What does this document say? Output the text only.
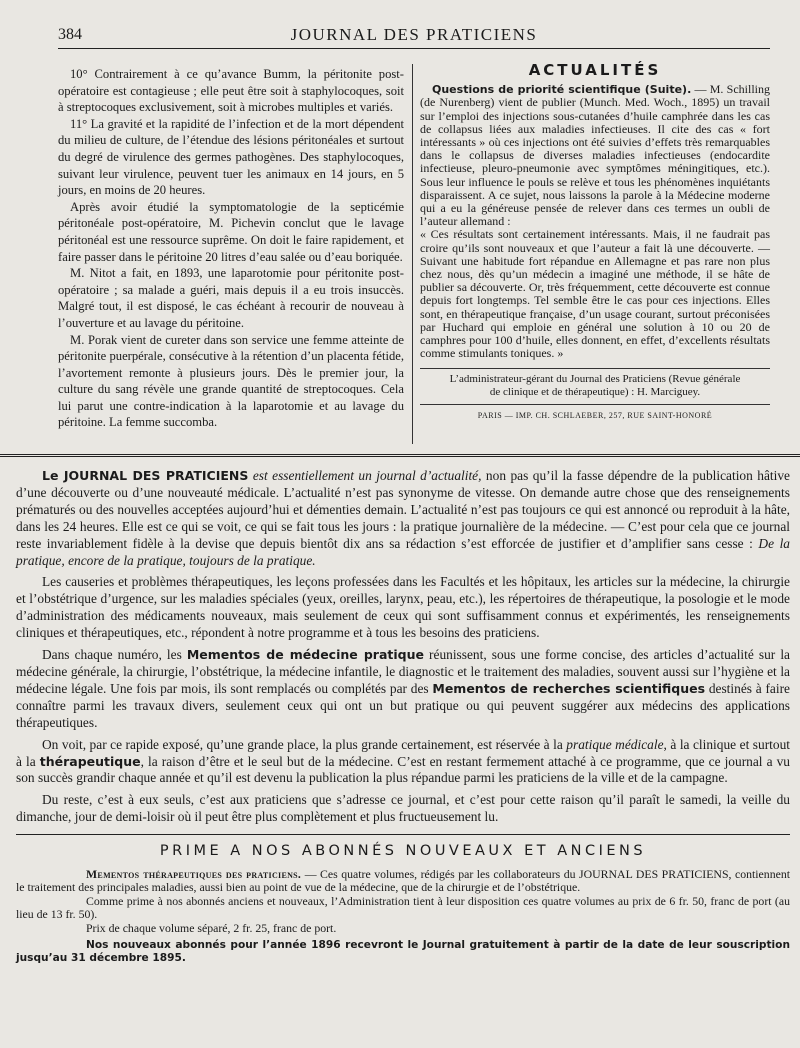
384	JOURNAL DES PRATICIENS

10° Contrairement à ce qu’avance Bumm, la péritonite post-opératoire est contagieuse ; elle peut être soit à staphylocoques, soit à streptocoques exclusivement, soit à microbes multiples et variés.

11° La gravité et la rapidité de l’infection et de la mort dépendent du milieu de culture, de l’étendue des lésions péritonéales et surtout du degré de virulence des germes pathogènes. Des staphylocoques, suivant leur virulence, peuvent tuer les animaux en 14 jours, en 5 jours, en moins de 20 heures.

Après avoir étudié la symptomatologie de la septicémie péritonéale post-opératoire, M. Pichevin conclut que le lavage péritonéal est une ressource suprême. On doit le faire rapidement, et faire passer dans le péritoine 20 litres d’eau salée ou d’eau boriquée.

M. Nitot a fait, en 1893, une laparotomie pour péritonite post-opératoire ; sa malade a guéri, mais depuis il a eu trois insuccès. Malgré tout, il est disposé, le cas échéant à recourir de nouveau à l’ouverture et au lavage du péritoine.

M. Porak vient de cureter dans son service une femme atteinte de péritonite puerpérale, consécutive à la rétention d’un placenta fétide, l’avortement remonte à plusieurs jours. Dès le premier jour, la culture du sang révèle une grande quantité de streptocoques. Cela lui parut une contre-indication à la laparotomie et au lavage du péritoine. La femme succomba.

ACTUALITÉS

Questions de priorité scientifique (Suite). — M. Schilling (de Nurenberg) vient de publier (Munch. Med. Woch., 1895) un travail sur l’emploi des injections sous-cutanées d’huile camphrée dans les cas de collapsus liées aux maladies infectieuses. Il cite des cas « fort intéressants » où ces injections ont été suivies d’effets très remarquables dans le collapsus de diverses maladies infectieuses (endocardite infectieuse, pleuro-pneumonie avec symptômes méningitiques, etc.). Sous leur influence le pouls se relève et tous les phénomènes inquiétants disparaissent. A ce sujet, nous laissons la parole à la Médecine moderne qui a eu la généreuse pensée de relever dans ces termes un oubli de l’auteur allemand :

« Ces résultats sont certainement intéressants. Mais, il ne faudrait pas croire qu’ils sont nouveaux et que l’auteur a fait là une découverte. — Suivant une habitude fort répandue en Allemagne et pas rare non plus chez nous, dès qu’un médecin a imaginé une méthode, il se hâte de publier sa découverte. Or, très fréquemment, cette découverte est connue depuis fort longtemps. Tel semble être le cas pour ces injections. Elles sont, en thérapeutique française, d’un usage courant, surtout préconisées par Huchard qui emploie en général une solution à 10 ou 20 de camphres pour 100 d’huile, elles donnent, en effet, d’excellents résultats comme stimulants toniques. »

L’administrateur-gérant du Journal des Praticiens (Revue générale
de clinique et de thérapeutique) : H. Marciguey.
PARIS — IMP. CH. SCHLAEBER, 257, RUE SAINT-HONORÉ

Le JOURNAL DES PRATICIENS est essentiellement un journal d’actualité, non pas qu’il la fasse dépendre de la publication hâtive d’une découverte ou d’une nouveauté médicale. L’actualité n’est pas synonyme de vitesse. On demande autre chose que des renseignements prématurés ou des nouvelles acceptées aujourd’hui et démenties demain. L’actualité n’est pas toujours ce qui est annoncé ou reproduit à la hâte, dans les 24 heures. Elle est ce qui se voit, ce qui se fait tous les jours : la pratique journalière de la médecine. — C’est pour cela que ce journal reste invariablement fidèle à la devise que depuis bientôt dix ans sa rédaction s’est efforcée de justifier et d’amplifier sans cesse : De la pratique, encore de la pratique, toujours de la pratique.

Les causeries et problèmes thérapeutiques, les leçons professées dans les Facultés et les hôpitaux, les articles sur la médecine, la chirurgie et l’obstétrique d’urgence, sur les maladies spéciales (yeux, oreilles, larynx, peau, etc.), les répertoires de thérapeutique, la posologie et le mode d’administration des médicaments nouveaux, mais seulement de ceux qui sont suffisamment connus et expérimentés, les renseignements cliniques et thérapeutiques, etc., répondent à notre programme et à tous les besoins des praticiens.

Dans chaque numéro, les Mementos de médecine pratique réunissent, sous une forme concise, des articles d’actualité sur la médecine générale, la chirurgie, l’obstétrique, la médecine infantile, le diagnostic et le traitement des maladies, souvent aussi sur l’hygiène et la médecine légale. Une fois par mois, ils sont remplacés ou complétés par des Mementos de recherches scientifiques destinés à faire connaître parmi les travaux divers, seulement ceux qui ont un but pratique ou qui peuvent suggérer aux médecins des applications thérapeutiques.

On voit, par ce rapide exposé, qu’une grande place, la plus grande certainement, est réservée à la pratique médicale, à la clinique et surtout à la thérapeutique, la raison d’être et le seul but de la médecine. C’est en restant fermement attaché à ce programme, que ce journal a vu son succès grandir chaque année et qu’il est devenu la publication la plus répandue parmi les praticiens de la ville et de la campagne.

Du reste, c’est à eux seuls, c’est aux praticiens que s’adresse ce journal, et c’est pour cette raison qu’il paraît le samedi, la veille du dimanche, jour de demi-loisir où il peut être plus complètement et plus fructueusement lu.

PRIME A NOS ABONNÉS NOUVEAUX ET ANCIENS

Mementos thérapeutiques des praticiens. — Ces quatre volumes, rédigés par les collaborateurs du JOURNAL DES PRATICIENS, contiennent le traitement des principales maladies, aussi bien au point de vue de la médecine, que de la chirurgie et de l’obstétrique.

Comme prime à nos abonnés anciens et nouveaux, l’Administration tient à leur disposition ces quatre volumes au prix de 6 fr. 50, franc de port (au lieu de 13 fr. 50).

Prix de chaque volume séparé, 2 fr. 25, franc de port.

Nos nouveaux abonnés pour l’année 1896 recevront le Journal gratuitement à partir de la date de leur souscription jusqu’au 31 décembre 1895.
